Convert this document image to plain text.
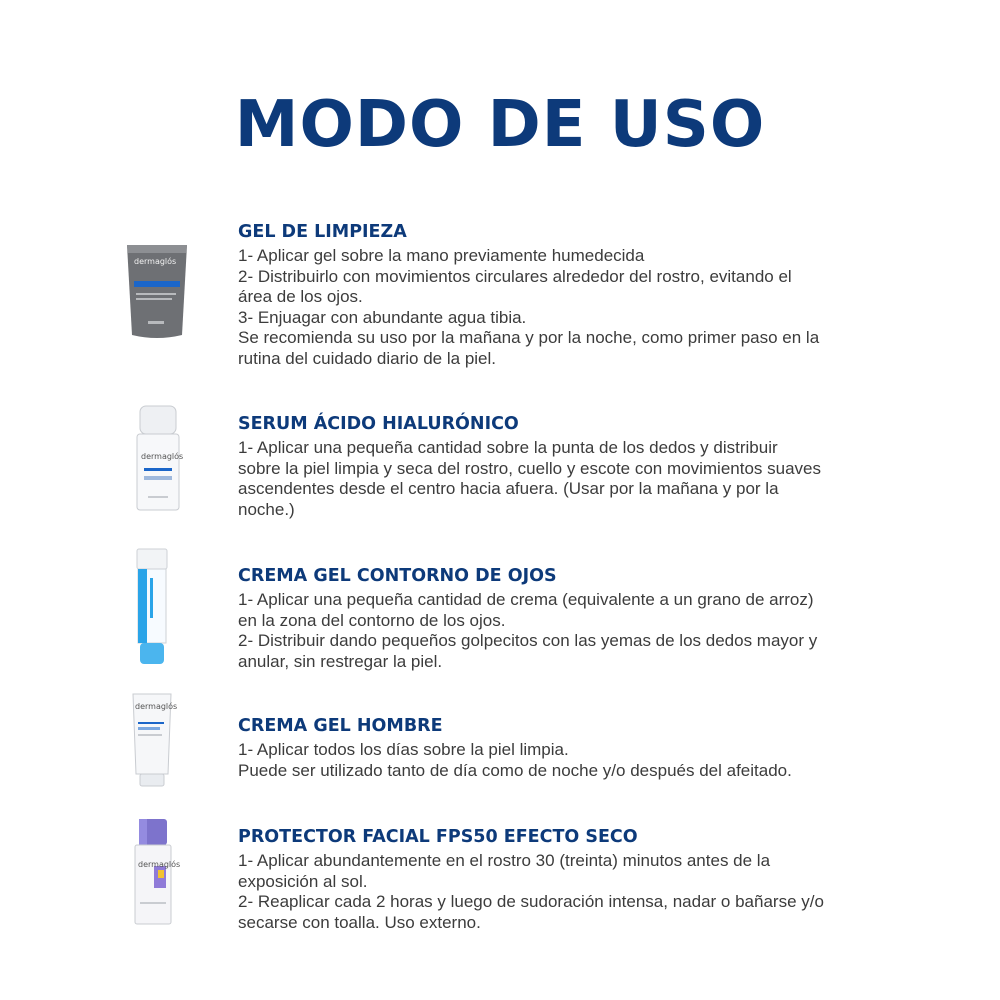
MODO DE USO
dermaglós
dermaglós
dermaglós
dermaglós
GEL DE LIMPIEZA
1- Aplicar gel sobre la mano previamente humedecida
2- Distribuirlo con movimientos circulares alrededor del rostro, evitando el
área de los ojos.
3- Enjuagar con abundante agua tibia.
Se recomienda su uso por la mañana y por la noche, como primer paso en la
rutina del cuidado diario de la piel.
SERUM ÁCIDO HIALURÓNICO
1- Aplicar una pequeña cantidad sobre la punta de los dedos y distribuir
sobre la piel limpia y seca del rostro, cuello y escote con movimientos suaves
ascendentes desde el centro hacia afuera. (Usar por la mañana y por la
noche.)
CREMA GEL CONTORNO DE OJOS
1- Aplicar una pequeña cantidad de crema (equivalente a un grano de arroz)
en la zona del contorno de los ojos.
2- Distribuir dando pequeños golpecitos con las yemas de los dedos mayor y
anular, sin restregar la piel.
CREMA GEL HOMBRE
1- Aplicar todos los días sobre la piel limpia.
Puede ser utilizado tanto de día como de noche y/o después del afeitado.
PROTECTOR FACIAL FPS50 EFECTO SECO
1- Aplicar abundantemente en el rostro 30 (treinta) minutos antes de la
exposición al sol.
2- Reaplicar cada 2 horas y luego de sudoración intensa, nadar o bañarse y/o
secarse con toalla. Uso externo.
